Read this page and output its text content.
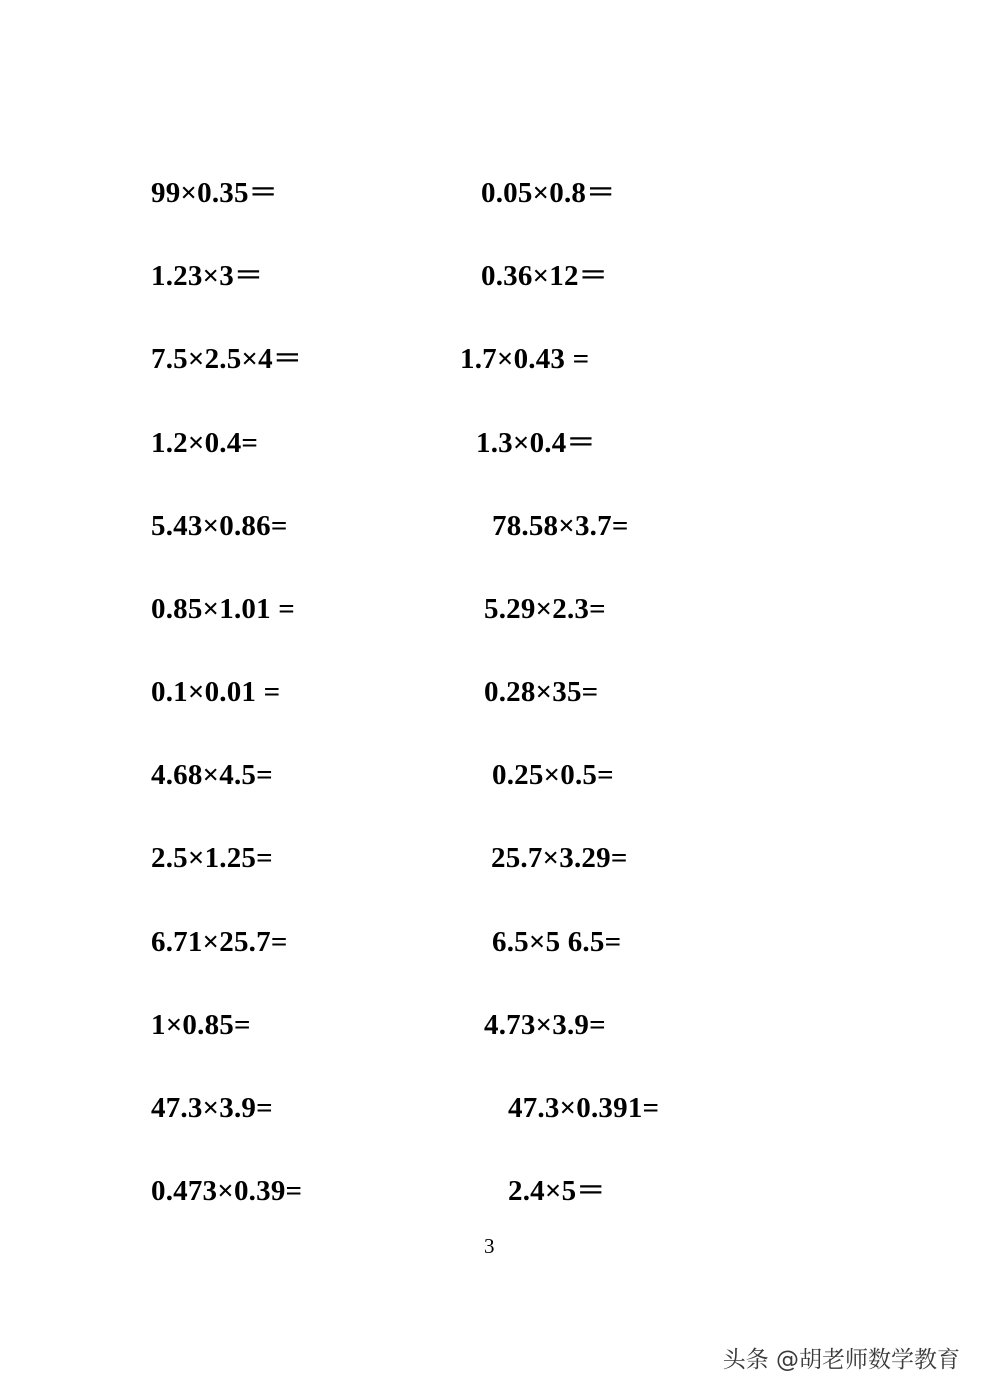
99×0.35＝
1.23×3＝
7.5×2.5×4＝
1.2×0.4=
5.43×0.86=
0.85×1.01 =
0.1×0.01 =
4.68×4.5=
2.5×1.25=
6.71×25.7=
1×0.85=
47.3×3.9=
0.473×0.39=
0.05×0.8＝
0.36×12＝
1.7×0.43 =
1.3×0.4＝
78.58×3.7=
5.29×2.3=
0.28×35=
0.25×0.5=
25.7×3.29=
6.5×5 6.5=
4.73×3.9=
47.3×0.391=
2.4×5＝
3
头条 @胡老师数学教育
